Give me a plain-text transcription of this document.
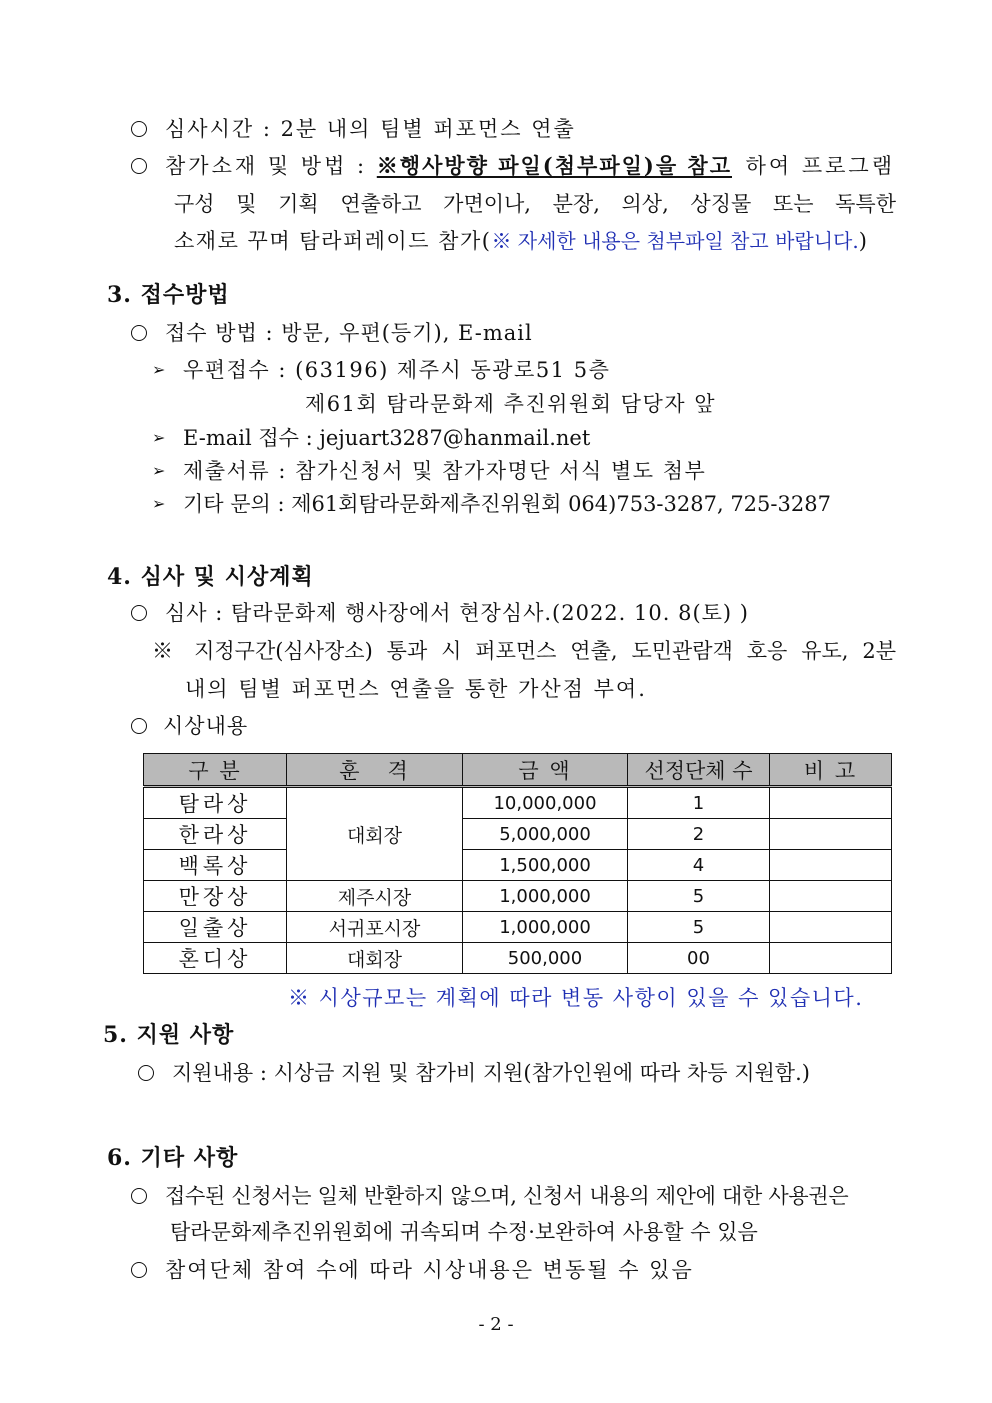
심사시간 : 2분 내의 팀별 퍼포먼스 연출
참가소재 및 방법 : ※행사방향 파일(첨부파일)을 참고 하여 프로그램
구성 및 기획 연출하고 가면이나, 분장, 의상, 상징물 또는 독특한
소재로 꾸며 탐라퍼레이드 참가(※ 자세한 내용은 첨부파일 참고 바랍니다.)
3. 접수방법
접수 방법 : 방문, 우편(등기), E-mail
➢ 우편접수 : (63196) 제주시 동광로51 5층
제61회 탐라문화제 추진위원회 담당자 앞
➢ E-mail 접수 : jejuart3287@hanmail.net
➢ 제출서류 : 참가신청서 및 참가자명단 서식 별도 첨부
➢ 기타 문의 : 제61회탐라문화제추진위원회 064)753-3287, 725-3287
4. 심사 및 시상계획
심사 : 탐라문화제 행사장에서 현장심사.(2022. 10. 8(토) )
※ 지정구간(심사장소) 통과 시 퍼포먼스 연출, 도민관람객 호응 유도, 2분
내의 팀별 퍼포먼스 연출을 통한 가산점 부여.
시상내용
구 분	훈   격	금 액	선정단체 수	비 고
탐라상	대회장	10,000,000	1	
한라상		5,000,000	2	
백록상		1,500,000	4	
만장상	제주시장	1,000,000	5	
일출상	서귀포시장	1,000,000	5	
혼디상	대회장	500,000	00	
※ 시상규모는 계획에 따라 변동 사항이 있을 수 있습니다.
5. 지원 사항
지원내용 : 시상금 지원 및 참가비 지원(참가인원에 따라 차등 지원함.)
6. 기타 사항
접수된 신청서는 일체 반환하지 않으며, 신청서 내용의 제안에 대한 사용권은
탐라문화제추진위원회에 귀속되며 수정·보완하여 사용할 수 있음
참여단체 참여 수에 따라 시상내용은 변동될 수 있음
- 2 -
